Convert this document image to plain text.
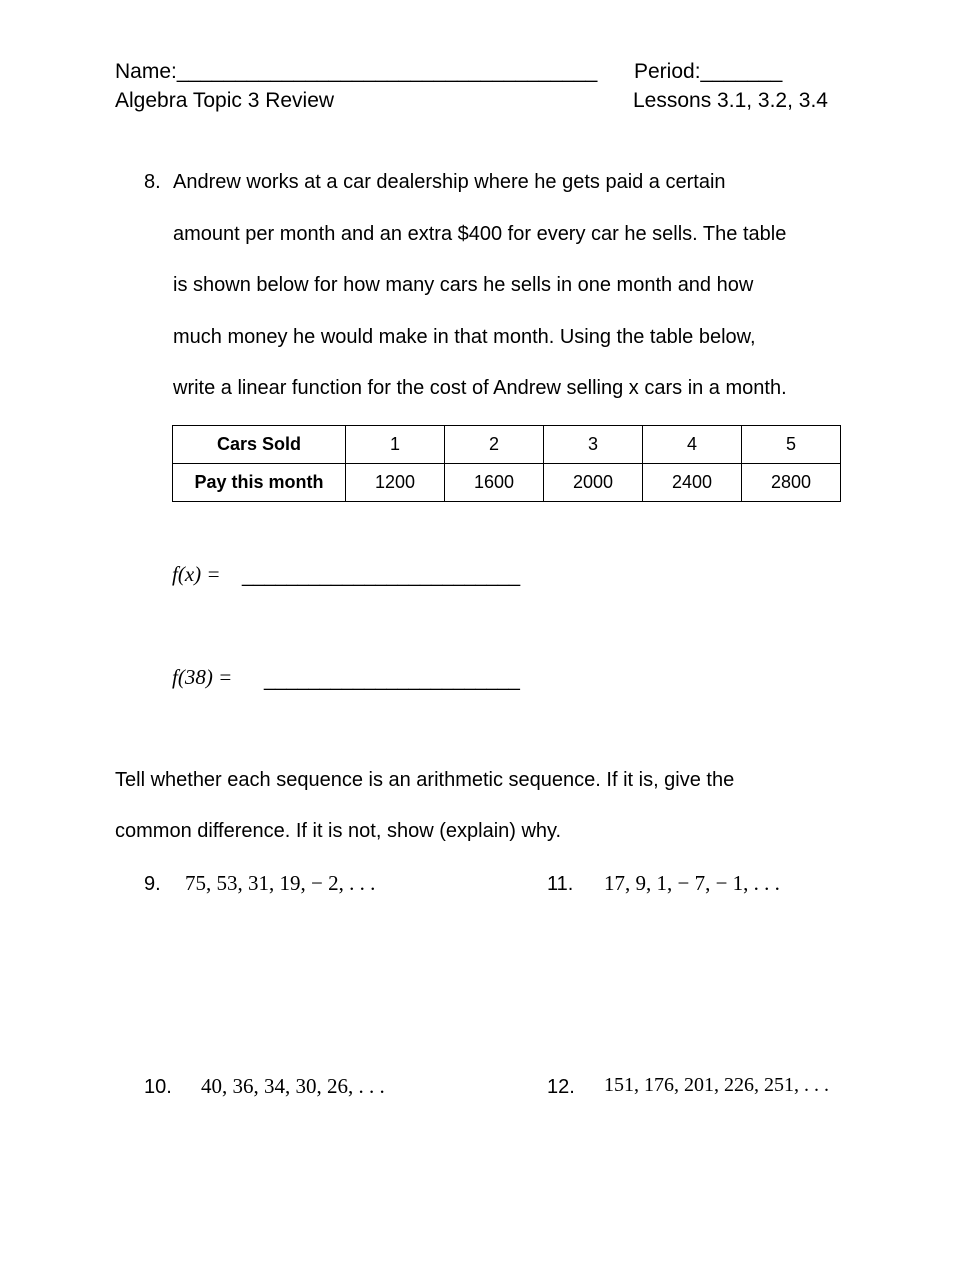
Name:____________________________________ Period:_______
Algebra Topic 3 Review	Lessons 3.1, 3.2, 3.4
8. Andrew works at a car dealership where he gets paid a certain
amount per month and an extra $400 for every car he sells. The table
is shown below for how many cars he sells in one month and how
much money he would make in that month. Using the table below,
write a linear function for the cost of Andrew selling x cars in a month.
Cars Sold	1	2	3	4	5
Pay this month	1200	1600	2000	2400	2800
f(x) = _________________________
f(38) = _______________________
Tell whether each sequence is an arithmetic sequence. If it is, give the
common difference. If it is not, show (explain) why.
9. 75, 53, 31, 19, − 2, . . .	11. 17, 9, 1, − 7, − 1, . . .
10. 40, 36, 34, 30, 26, . . .	12. 151, 176, 201, 226, 251, . . .
